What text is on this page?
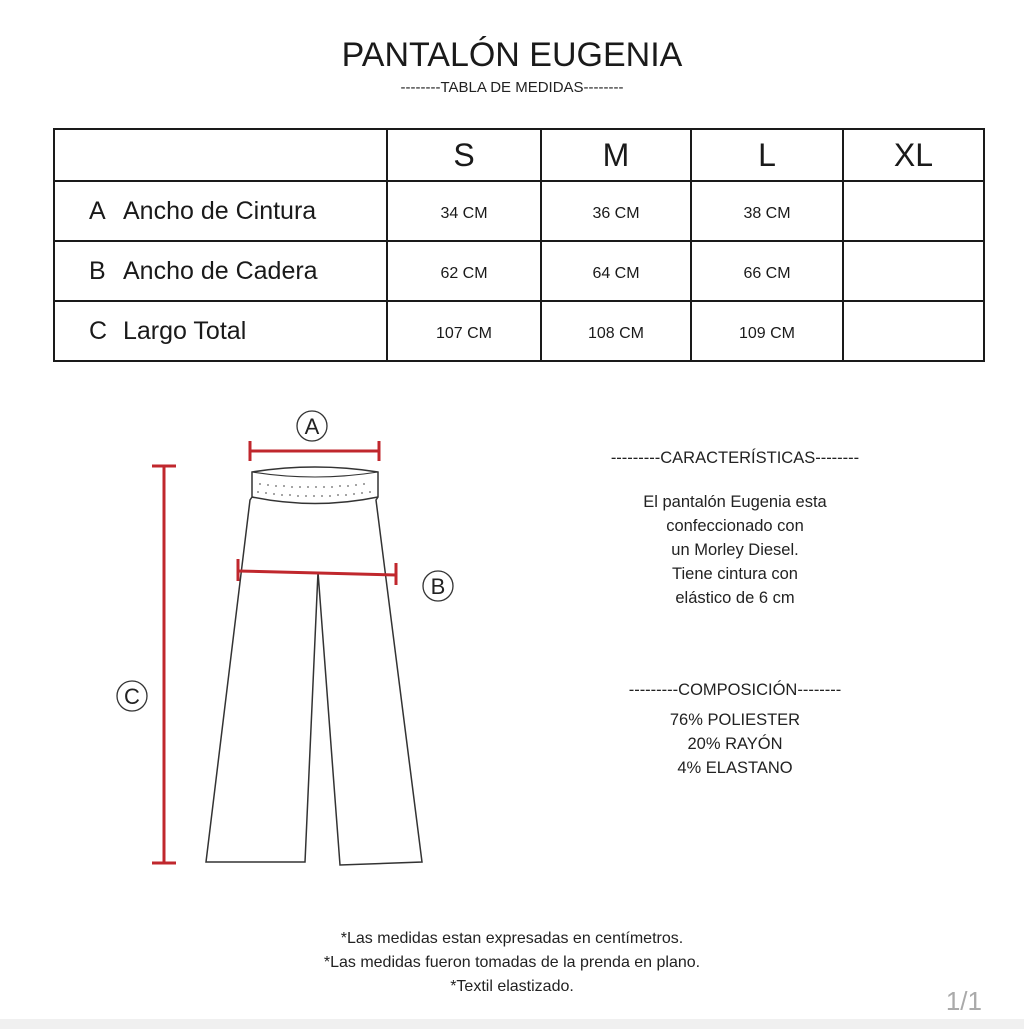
PANTALÓN EUGENIA
--------TABLA DE MEDIDAS--------
	S	M	L	XL
A Ancho de Cintura	34 CM	36 CM	38 CM	
B Ancho de Cadera	62 CM	64 CM	66 CM	
C Largo Total	107 CM	108 CM	109 CM	
A
B
C
---------CARACTERÍSTICAS--------
El pantalón Eugenia esta
confeccionado con
un Morley Diesel.
Tiene cintura con
elástico de 6 cm
---------COMPOSICIÓN--------
76% POLIESTER
20% RAYÓN
4% ELASTANO
*Las medidas estan expresadas en centímetros.
*Las medidas fueron tomadas de la prenda en plano.
*Textil elastizado.	1/1
